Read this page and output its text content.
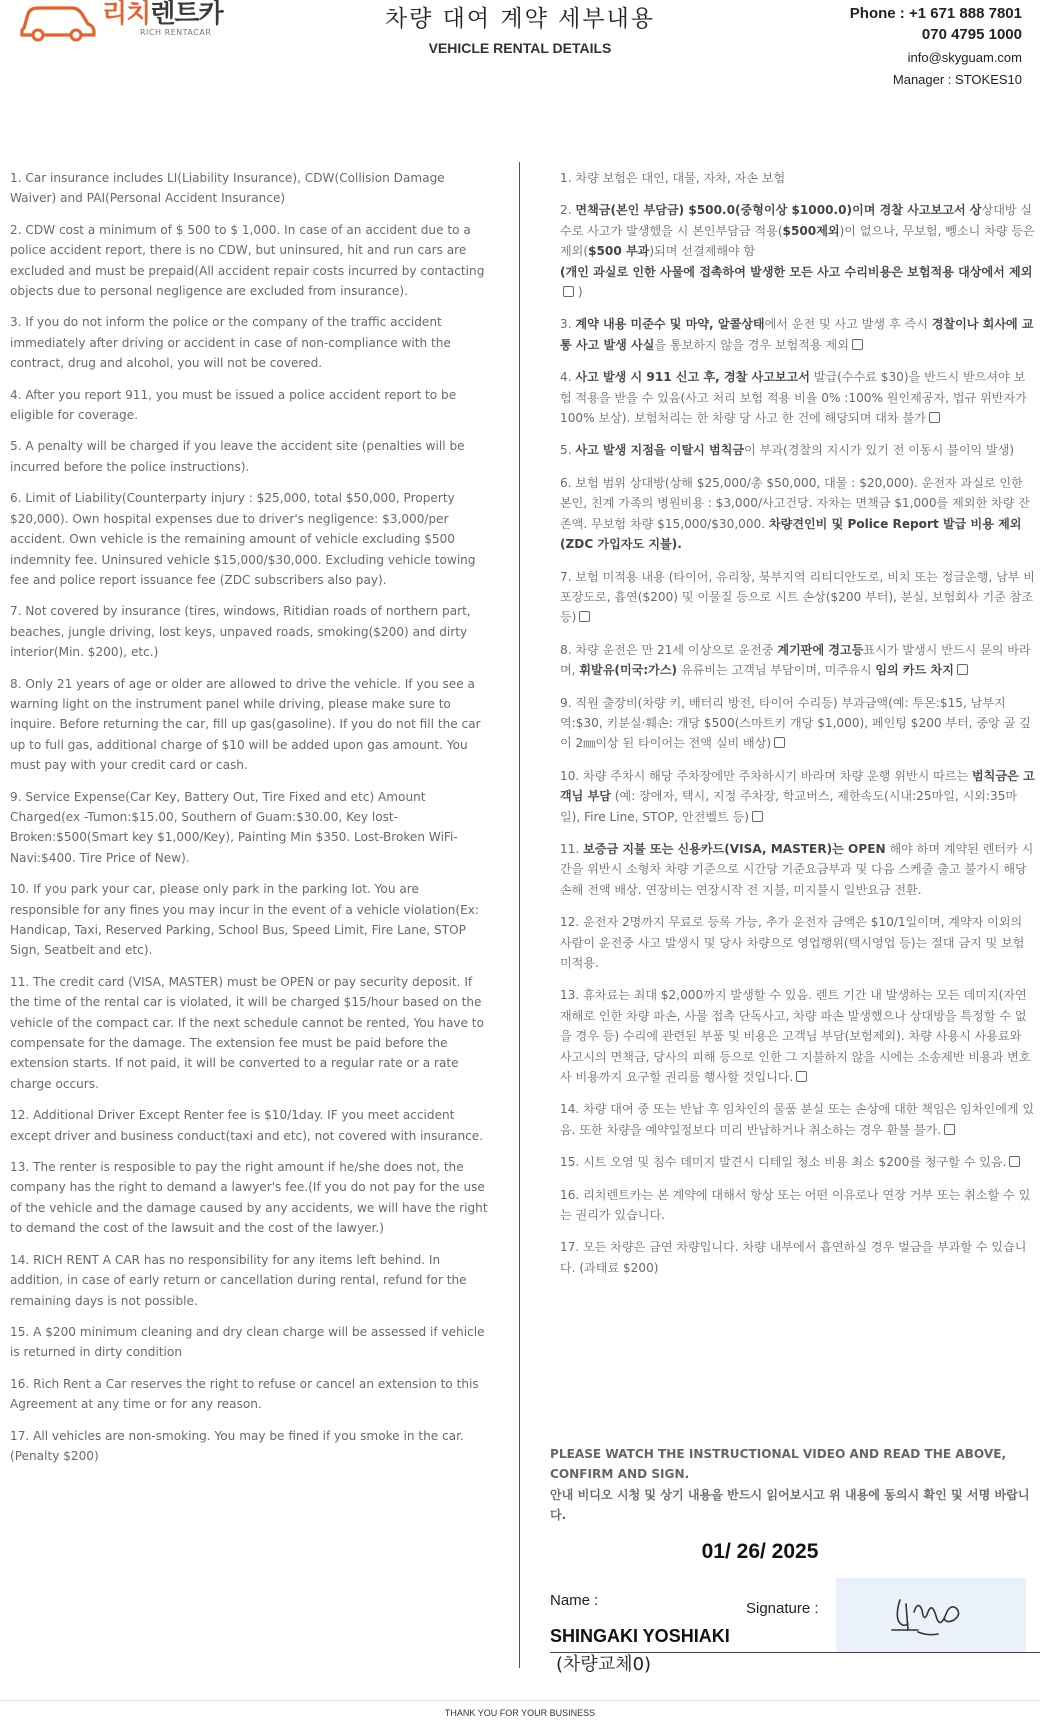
리치렌트카
RICH RENTACAR
차량 대여 계약 세부내용
VEHICLE RENTAL DETAILS
Phone : +1 671 888 7801
070 4795 1000
info@skyguam.com
Manager : STOKES10

1. Car insurance includes LI(Liability Insurance), CDW(Collision Damage Waiver) and PAI(Personal Accident Insurance)

2. CDW cost a minimum of $ 500 to $ 1,000. In case of an accident due to a police accident report, there is no CDW, but uninsured, hit and run cars are excluded and must be prepaid(All accident repair costs incurred by contacting objects due to personal negligence are excluded from insurance).

3. If you do not inform the police or the company of the traffic accident immediately after driving or accident in case of non-compliance with the contract, drug and alcohol, you will not be covered.

4. After you report 911, you must be issued a police accident report to be eligible for coverage.

5. A penalty will be charged if you leave the accident site (penalties will be incurred before the police instructions).

6. Limit of Liability(Counterparty injury : $25,000, total $50,000, Property $20,000). Own hospital expenses due to driver's negligence: $3,000/per accident. Own vehicle is the remaining amount of vehicle excluding $500 indemnity fee. Uninsured vehicle $15,000/$30,000. Excluding vehicle towing fee and police report issuance fee (ZDC subscribers also pay).

7. Not covered by insurance (tires, windows, Ritidian roads of northern part, beaches, jungle driving, lost keys, unpaved roads, smoking($200) and dirty interior(Min. $200), etc.)

8. Only 21 years of age or older are allowed to drive the vehicle. If you see a warning light on the instrument panel while driving, please make sure to inquire. Before returning the car, fill up gas(gasoline). If you do not fill the car up to full gas, additional charge of $10 will be added upon gas amount. You must pay with your credit card or cash.

9. Service Expense(Car Key, Battery Out, Tire Fixed and etc) Amount Charged(ex -Tumon:$15.00, Southern of Guam:$30.00, Key lost-Broken:$500(Smart key $1,000/Key), Painting Min $350. Lost-Broken WiFi-Navi:$400. Tire Price of New).

10. If you park your car, please only park in the parking lot. You are responsible for any fines you may incur in the event of a vehicle violation(Ex: Handicap, Taxi, Reserved Parking, School Bus, Speed Limit, Fire Lane, STOP Sign, Seatbelt and etc).

11. The credit card (VISA, MASTER) must be OPEN or pay security deposit. If the time of the rental car is violated, it will be charged $15/hour based on the vehicle of the compact car. If the next schedule cannot be rented, You have to compensate for the damage. The extension fee must be paid before the extension starts. If not paid, it will be converted to a regular rate or a rate charge occurs.

12. Additional Driver Except Renter fee is $10/1day. IF you meet accident except driver and business conduct(taxi and etc), not covered with insurance.

13. The renter is resposible to pay the right amount if he/she does not, the company has the right to demand a lawyer's fee.(If you do not pay for the use of the vehicle and the damage caused by any accidents, we will have the right to demand the cost of the lawsuit and the cost of the lawyer.)

14. RICH RENT A CAR has no responsibility for any items left behind. In addition, in case of early return or cancellation during rental, refund for the remaining days is not possible.

15. A $200 minimum cleaning and dry clean charge will be assessed if vehicle is returned in dirty condition

16. Rich Rent a Car reserves the right to refuse or cancel an extension to this Agreement at any time or for any reason.

17. All vehicles are non-smoking. You may be fined if you smoke in the car. (Penalty $200)

1. 차량 보험은 대인, 대물, 자차, 자손 보험

2. 면책금(본인 부담금) $500.0(중형이상 $1000.0)이며 경찰 사고보고서 상상대방 실수로 사고가 발생했을 시 본인부담금 적용($500제외)이 없으나, 무보험, 뺑소니 차량 등은 제외($500 부과)되며 선결제해야 함
(개인 과실로 인한 사물에 접촉하여 발생한 모든 사고 수리비용은 보험적용 대상에서 제외 )

3. 계약 내용 미준수 및 마약, 알콜상태에서 운전 및 사고 발생 후 즉시 경찰이나 회사에 교통 사고 발생 사실을 통보하지 않을 경우 보험적용 제외

4. 사고 발생 시 911 신고 후, 경찰 사고보고서 발급(수수료 $30)을 반드시 받으셔야 보험 적용을 받을 수 있음(사고 처리 보험 적용 비율 0% :100% 원인제공자, 법규 위반자가 100% 보상). 보험처리는 한 차량 당 사고 한 건에 해당되며 대차 불가

5. 사고 발생 지점을 이탈시 범칙금이 부과(경찰의 지시가 있기 전 이동시 불이익 발생)

6. 보험 범위 상대방(상해 $25,000/총 $50,000, 대물 : $20,000). 운전자 과실로 인한 본인, 친계 가족의 병원비용 : $3,000/사고건당. 자차는 면책금 $1,000를 제외한 차량 잔존액. 무보험 차량 $15,000/$30,000. 차량견인비 및 Police Report 발급 비용 제외
(ZDC 가입자도 지불).

7. 보험 미적용 내용 (타이어, 유리창, 북부지역 리티디안도로, 비치 또는 정글운행, 남부 비포장도로, 흡연($200) 및 이물질 등으로 시트 손상($200 부터), 분실, 보험회사 기준 참조 등)

8. 차량 운전은 만 21세 이상으로 운전중 계기판에 경고등표시가 발생시 반드시 문의 바라며, 휘발유(미국:가스) 유류비는 고객님 부담이며, 미주유시 임의 카드 차지

9. 직원 출장비(차량 키, 배터리 방전, 타이어 수리등) 부과금액(예: 투몬:$15, 남부지역:$30, 키분실·훼손: 개당 $500(스마트키 개당 $1,000), 페인팅 $200 부터, 중앙 골 깊이 2㎜이상 된 타이어는 전액 실비 배상)

10. 차량 주차시 해당 주차장에만 주차하시기 바라며 차량 운행 위반시 따르는 범칙금은 고객님 부담 (예: 장애자, 택시, 지정 주차장, 학교버스, 제한속도(시내:25마일, 시외:35마일), Fire Line, STOP, 안전벨트 등)

11. 보증금 지불 또는 신용카드(VISA, MASTER)는 OPEN 해야 하며 계약된 렌터카 시간을 위반시 소형차 차량 기준으로 시간당 기준요금부과 및 다음 스케줄 출고 불가시 해당 손해 전액 배상. 연장비는 연장시작 전 지불, 미지불시 일반요금 전환.

12. 운전자 2명까지 무료로 등록 가능, 추가 운전자 금액은 $10/1일이며, 계약자 이외의 사람이 운전중 사고 발생시 및 당사 차량으로 영업행위(택시영업 등)는 절대 금지 및 보험 미적용.

13. 휴차료는 최대 $2,000까지 발생할 수 있음. 렌트 기간 내 발생하는 모든 데미지(자연재해로 인한 차량 파손, 사물 접촉 단독사고, 차량 파손 발생했으나 상대방을 특정할 수 없을 경우 등) 수리에 관련된 부품 및 비용은 고객님 부담(보험제외). 차량 사용시 사용료와 사고시의 면책금, 당사의 피해 등으로 인한 그 지불하지 않을 시에는 소송제반 비용과 변호사 비용까지 요구할 권리를 행사할 것입니다.

14. 차량 대여 중 또는 반납 후 임차인의 물품 분실 또는 손상에 대한 책임은 임차인에게 있음. 또한 차량을 예약일정보다 미리 반납하거나 취소하는 경우 환불 불가.

15. 시트 오염 및 침수 데미지 발견시 디테일 청소 비용 최소 $200를 청구할 수 있음.

16. 리치렌트카는 본 계약에 대해서 항상 또는 어떤 이유로나 연장 거부 또는 취소할 수 있는 권리가 있습니다.

17. 모든 차량은 금연 차량입니다. 차량 내부에서 흡연하실 경우 벌금을 부과할 수 있습니다. (과태료 $200)

PLEASE WATCH THE INSTRUCTIONAL VIDEO AND READ THE ABOVE, CONFIRM AND SIGN.
안내 비디오 시청 및 상기 내용을 반드시 읽어보시고 위 내용에 동의시 확인 및 서명 바랍니다.
01/ 26/ 2025
Name :	Signature :
SHINGAKI YOSHIAKI
(차량교체0)
THANK YOU FOR YOUR BUSINESS
